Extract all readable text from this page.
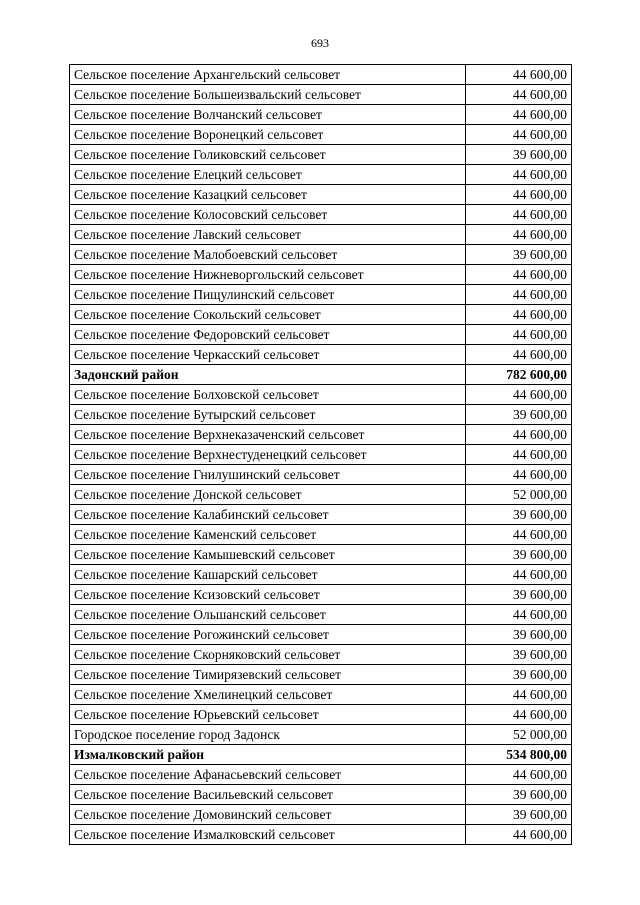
693
Сельское поселение Архангельский сельсовет	44 600,00
Сельское поселение Большеизвальский сельсовет	44 600,00
Сельское поселение Волчанский сельсовет	44 600,00
Сельское поселение Воронецкий сельсовет	44 600,00
Сельское поселение Голиковский сельсовет	39 600,00
Сельское поселение Елецкий сельсовет	44 600,00
Сельское поселение Казацкий сельсовет	44 600,00
Сельское поселение Колосовский сельсовет	44 600,00
Сельское поселение Лавский сельсовет	44 600,00
Сельское поселение Малобоевский сельсовет	39 600,00
Сельское поселение Нижневоргольский сельсовет	44 600,00
Сельское поселение Пищулинский сельсовет	44 600,00
Сельское поселение Сокольский сельсовет	44 600,00
Сельское поселение Федоровский сельсовет	44 600,00
Сельское поселение Черкасский сельсовет	44 600,00
Задонский район	782 600,00
Сельское поселение Болховской сельсовет	44 600,00
Сельское поселение Бутырский сельсовет	39 600,00
Сельское поселение Верхнеказаченский сельсовет	44 600,00
Сельское поселение Верхнестуденецкий сельсовет	44 600,00
Сельское поселение Гнилушинский сельсовет	44 600,00
Сельское поселение Донской сельсовет	52 000,00
Сельское поселение Калабинский сельсовет	39 600,00
Сельское поселение Каменский сельсовет	44 600,00
Сельское поселение Камышевский сельсовет	39 600,00
Сельское поселение Кашарский сельсовет	44 600,00
Сельское поселение Ксизовский сельсовет	39 600,00
Сельское поселение Ольшанский сельсовет	44 600,00
Сельское поселение Рогожинский сельсовет	39 600,00
Сельское поселение Скорняковский сельсовет	39 600,00
Сельское поселение Тимирязевский сельсовет	39 600,00
Сельское поселение Хмелинецкий сельсовет	44 600,00
Сельское поселение Юрьевский сельсовет	44 600,00
Городское поселение город Задонск	52 000,00
Измалковский район	534 800,00
Сельское поселение Афанасьевский сельсовет	44 600,00
Сельское поселение Васильевский сельсовет	39 600,00
Сельское поселение Домовинский сельсовет	39 600,00
Сельское поселение Измалковский сельсовет	44 600,00
